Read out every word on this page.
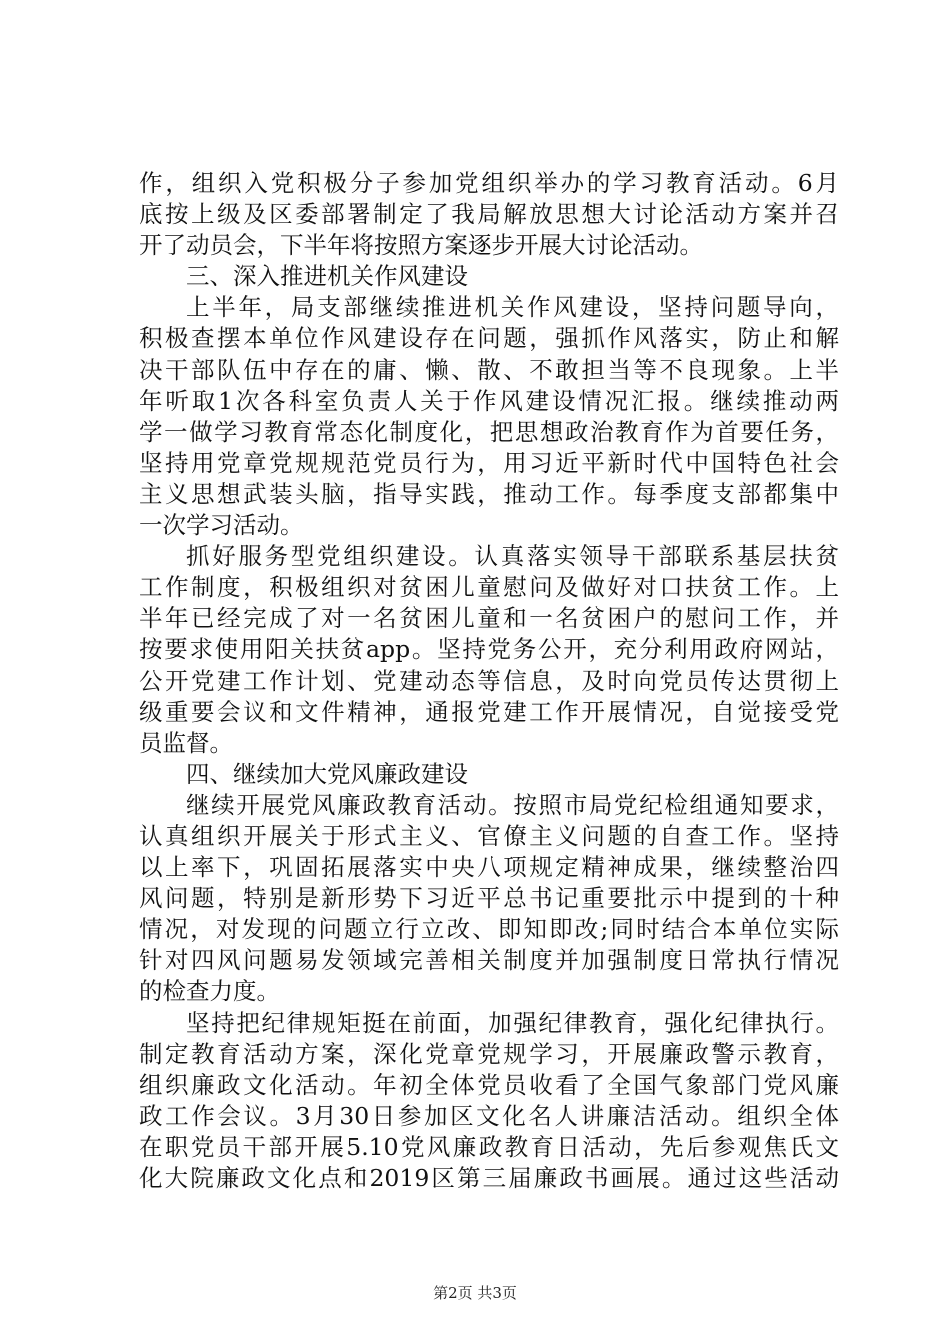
作，组织入党积极分子参加党组织举办的学习教育活动。6月
底按上级及区委部署制定了我局解放思想大讨论活动方案并召
开了动员会，下半年将按照方案逐步开展大讨论活动。
三、深入推进机关作风建设
上半年，局支部继续推进机关作风建设，坚持问题导向，
积极查摆本单位作风建设存在问题，强抓作风落实，防止和解
决干部队伍中存在的庸、懒、散、不敢担当等不良现象。上半
年听取1次各科室负责人关于作风建设情况汇报。继续推动两
学一做学习教育常态化制度化，把思想政治教育作为首要任务，
坚持用党章党规规范党员行为，用习近平新时代中国特色社会
主义思想武装头脑，指导实践，推动工作。每季度支部都集中
一次学习活动。
抓好服务型党组织建设。认真落实领导干部联系基层扶贫
工作制度，积极组织对贫困儿童慰问及做好对口扶贫工作。上
半年已经完成了对一名贫困儿童和一名贫困户的慰问工作，并
按要求使用阳关扶贫app。坚持党务公开，充分利用政府网站，
公开党建工作计划、党建动态等信息，及时向党员传达贯彻上
级重要会议和文件精神，通报党建工作开展情况，自觉接受党
员监督。
四、继续加大党风廉政建设
继续开展党风廉政教育活动。按照市局党纪检组通知要求，
认真组织开展关于形式主义、官僚主义问题的自查工作。坚持
以上率下，巩固拓展落实中央八项规定精神成果，继续整治四
风问题，特别是新形势下习近平总书记重要批示中提到的十种
情况，对发现的问题立行立改、即知即改;同时结合本单位实际
针对四风问题易发领域完善相关制度并加强制度日常执行情况
的检查力度。
坚持把纪律规矩挺在前面，加强纪律教育，强化纪律执行。
制定教育活动方案，深化党章党规学习，开展廉政警示教育，
组织廉政文化活动。年初全体党员收看了全国气象部门党风廉
政工作会议。3月30日参加区文化名人讲廉洁活动。组织全体
在职党员干部开展5.10党风廉政教育日活动，先后参观焦氏文
化大院廉政文化点和2019区第三届廉政书画展。通过这些活动
第2页 共3页
